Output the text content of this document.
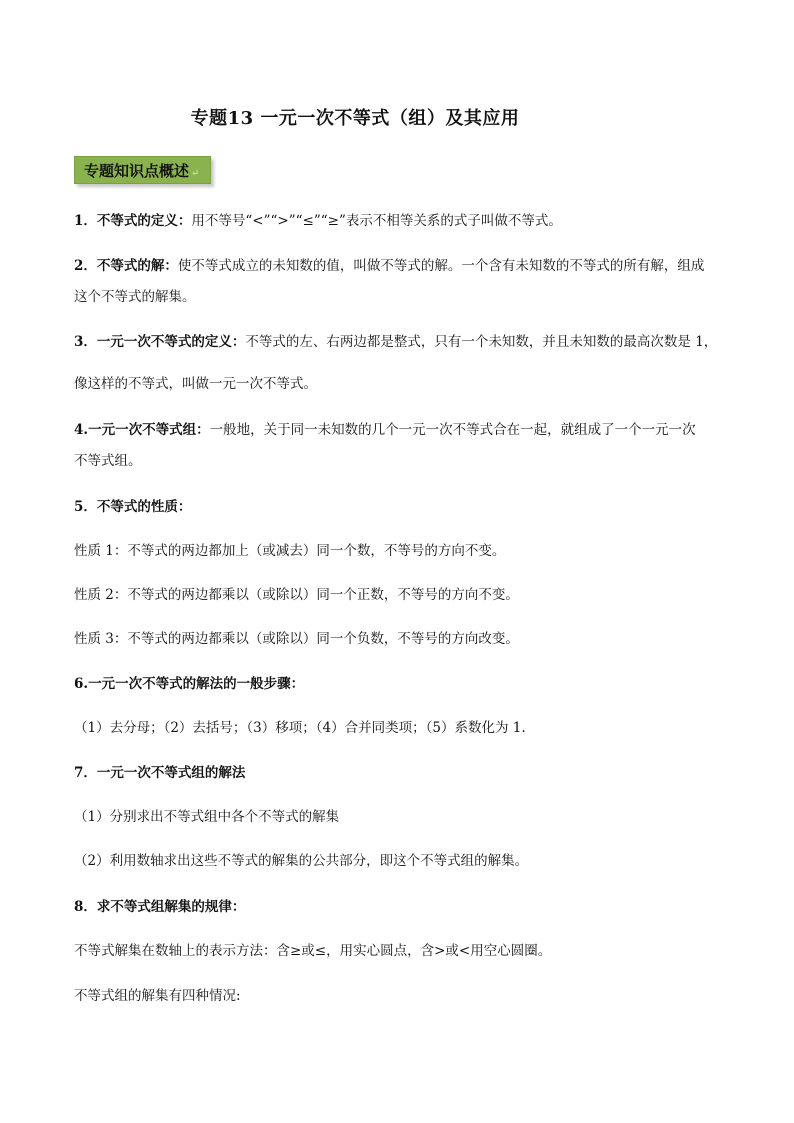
专题13 一元一次不等式（组）及其应用
专题知识点概述 ↵
1．不等式的定义：用不等号“<”“>”“≤”“≥”表示不相等关系的式子叫做不等式。
2．不等式的解：使不等式成立的未知数的值，叫做不等式的解。一个含有未知数的不等式的所有解，组成
这个不等式的解集。
3．一元一次不等式的定义：不等式的左、右两边都是整式，只有一个未知数，并且未知数的最高次数是 1，
像这样的不等式，叫做一元一次不等式。
4.一元一次不等式组：一般地，关于同一未知数的几个一元一次不等式合在一起，就组成了一个一元一次
不等式组。
5．不等式的性质：
性质 1：不等式的两边都加上（或减去）同一个数，不等号的方向不变。
性质 2：不等式的两边都乘以（或除以）同一个正数，不等号的方向不变。
性质 3：不等式的两边都乘以（或除以）同一个负数，不等号的方向改变。
6.一元一次不等式的解法的一般步骤：
（1）去分母；（2）去括号；（3）移项；（4）合并同类项；（5）系数化为 1.
7．一元一次不等式组的解法
（1）分别求出不等式组中各个不等式的解集
（2）利用数轴求出这些不等式的解集的公共部分，即这个不等式组的解集。
8．求不等式组解集的规律：
不等式解集在数轴上的表示方法：含≥或≤，用实心圆点，含>或<用空心圆圈。
不等式组的解集有四种情况:
